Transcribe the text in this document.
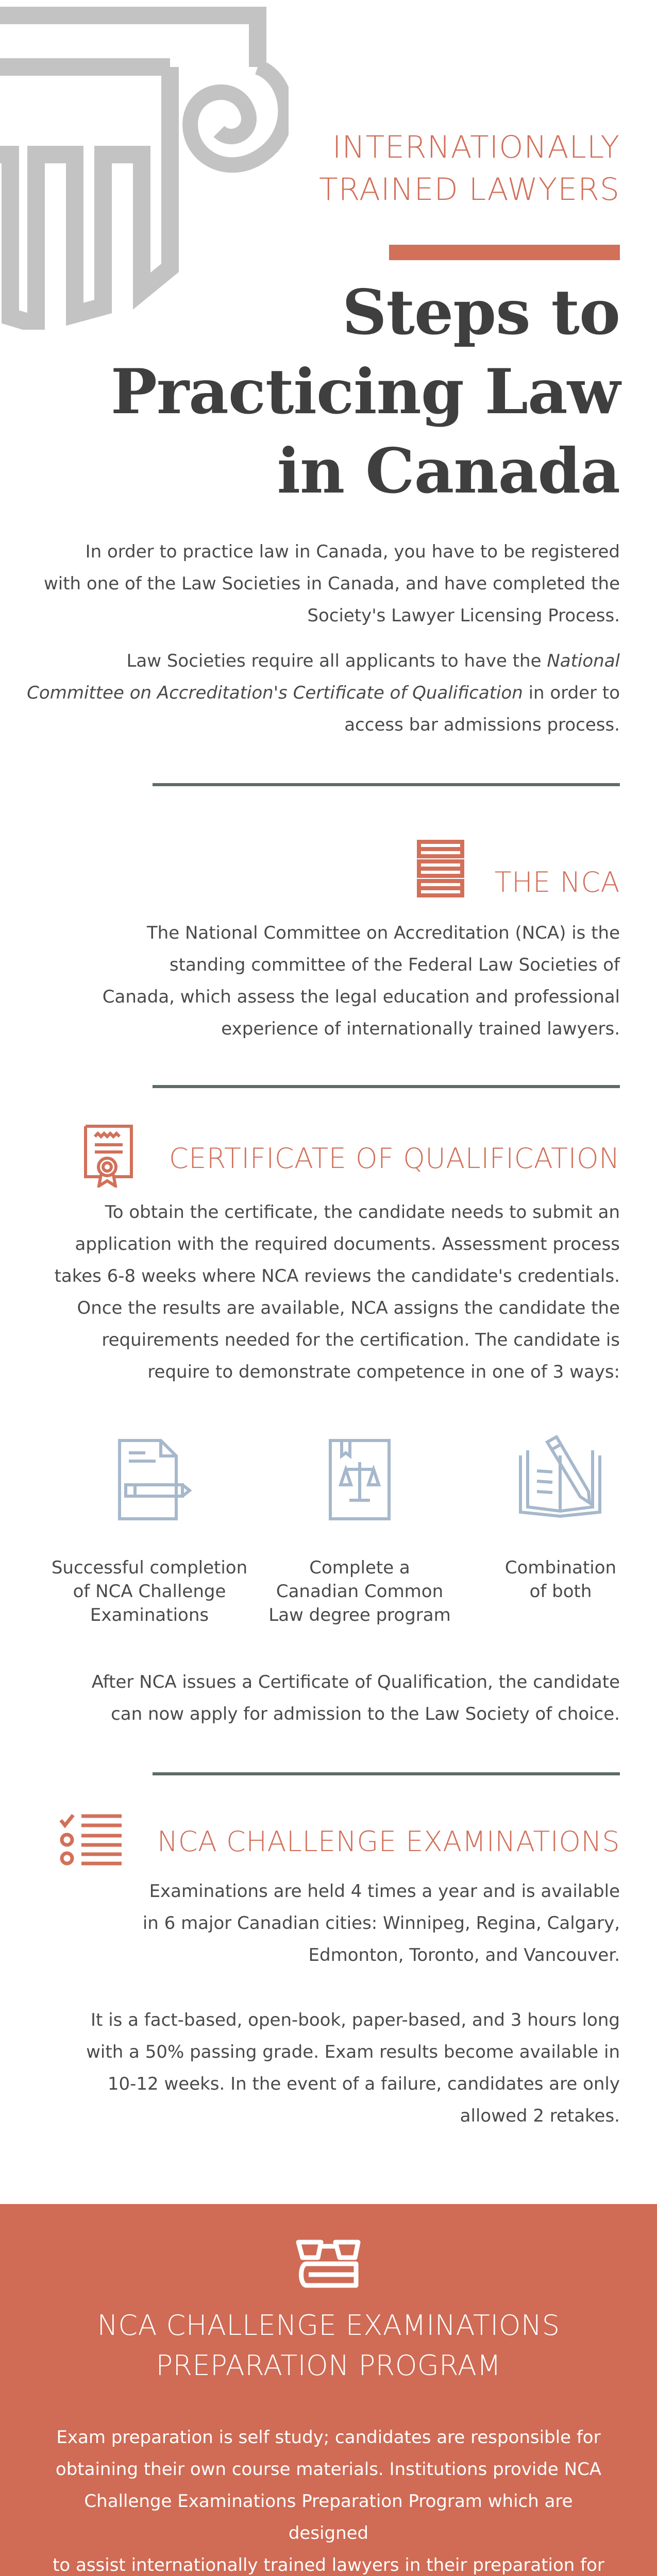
INTERNATIONALLY
TRAINED LAWYERS
Steps to
Practicing Law
in Canada
In order to practice law in Canada, you have to be registered
with one of the Law Societies in Canada, and have completed the
Society's Lawyer Licensing Process.
Law Societies require all applicants to have the National
Committee on Accreditation's Certificate of Qualification in order to
access bar admissions process.
THE NCA
The National Committee on Accreditation (NCA) is the
standing committee of the Federal Law Societies of
Canada, which assess the legal education and professional
experience of internationally trained lawyers.
CERTIFICATE OF QUALIFICATION
To obtain the certificate, the candidate needs to submit an
application with the required documents. Assessment process
takes 6-8 weeks where NCA reviews the candidate's credentials.
Once the results are available, NCA assigns the candidate the
requirements needed for the certification. The candidate is
require to demonstrate competence in one of 3 ways:
Successful completion
of NCA Challenge
Examinations
Complete a
Canadian Common
Law degree program
Combination
of both
After NCA issues a Certificate of Qualification, the candidate
can now apply for admission to the Law Society of choice.
NCA CHALLENGE EXAMINATIONS
Examinations are held 4 times a year and is available
in 6 major Canadian cities: Winnipeg, Regina, Calgary,
Edmonton, Toronto, and Vancouver.
It is a fact-based, open-book, paper-based, and 3 hours long
with a 50% passing grade. Exam results become available in
10-12 weeks. In the event of a failure, candidates are only
allowed 2 retakes.
NCA CHALLENGE EXAMINATIONS
PREPARATION PROGRAM
Exam preparation is self study; candidates are responsible for
obtaining their own course materials. Institutions provide NCA
Challenge Examinations Preparation Program which are designed
to assist internationally trained lawyers in their preparation for
